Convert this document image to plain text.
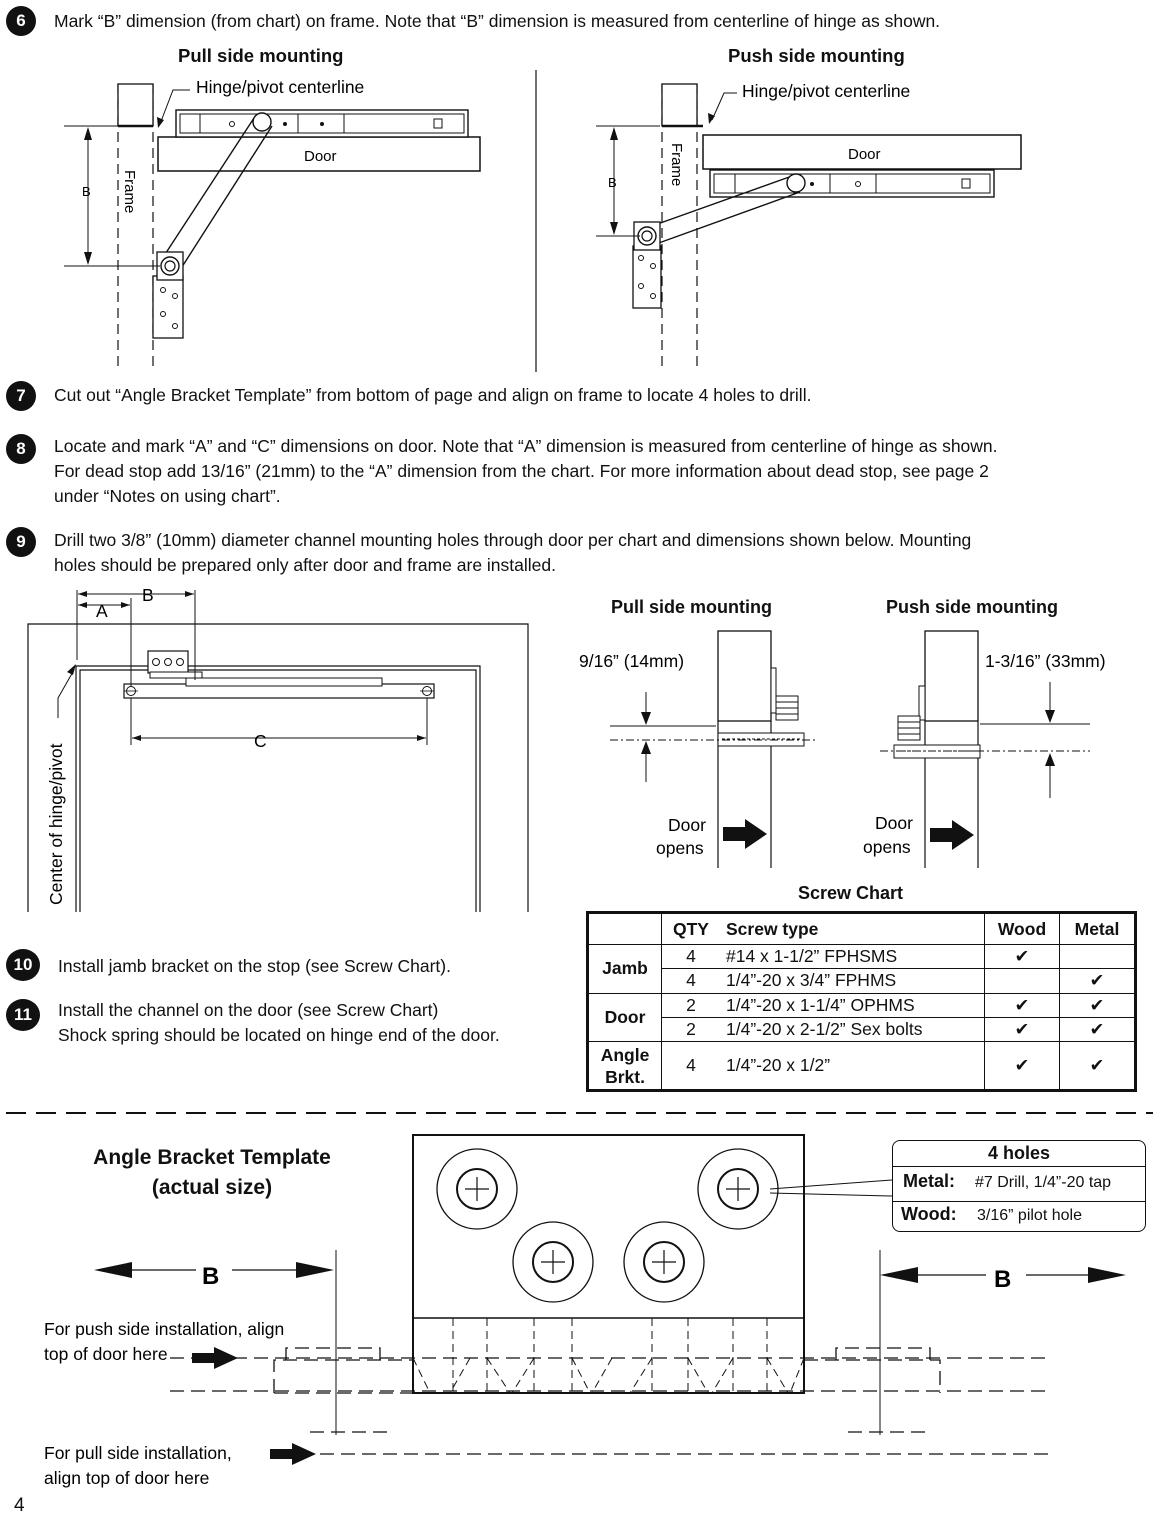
6 Mark “B” dimension (from chart) on frame. Note that “B” dimension is measured from centerline of hinge as shown.
Pull side mounting	Push side mounting
Hinge/pivot centerline
Door
Frame
B
Hinge/pivot centerline
Door
Frame
B
7 Cut out “Angle Bracket Template” from bottom of page and align on frame to locate 4 holes to drill.
8 Locate and mark “A” and “C” dimensions on door. Note that “A” dimension is measured from centerline of hinge as shown.
For dead stop add 13/16” (21mm) to the “A” dimension from the chart. For more information about dead stop, see page 2
under “Notes on using chart”.
9 Drill two 3/8” (10mm) diameter channel mounting holes through door per chart and dimensions shown below. Mounting
holes should be prepared only after door and frame are installed.
B
A
C
Center of hinge/pivot
Pull side mounting	Push side mounting
9/16” (14mm)
Door
opens
1-3/16” (33mm)
Door
opens
Screw Chart
	QTY	Screw type	Wood	Metal
Jamb	4	#14 x 1-1/2” FPHSMS	✔	
	4	1/4”-20 x 3/4” FPHMS		✔
Door	2	1/4”-20 x 1-1/4” OPHMS	✔	✔
	2	1/4”-20 x 2-1/2” Sex bolts	✔	✔

Angle
Brkt.	4	1/4”-20 x 1/2”	✔	✔
10 Install jamb bracket on the stop (see Screw Chart).
11 Install the channel on the door (see Screw Chart)
Shock spring should be located on hinge end of the door.
Angle Bracket Template
(actual size)
B	B
For push side installation, align
top of door here
For pull side installation,
align top of door here
4 holes
Metal: #7 Drill, 1/4”-20 tap
Wood: 3/16” pilot hole
4
